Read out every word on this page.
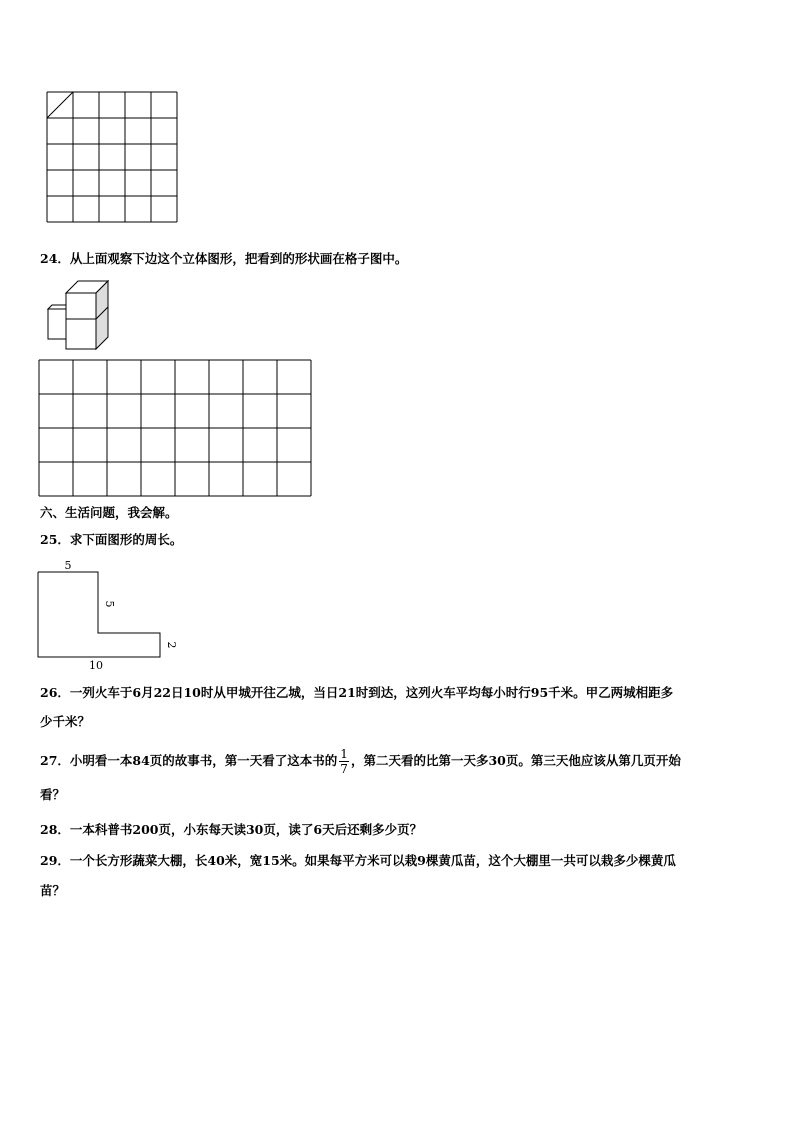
24．从上面观察下边这个立体图形，把看到的形状画在格子图中。
六、生活问题，我会解。
25．求下面图形的周长。
5
5
2
10
26．一列火车于6月22日10时从甲城开往乙城，当日21时到达，这列火车平均每小时行95千米。甲乙两城相距多
少千米？
27．小明看一本84页的故事书，第一天看了这本书的 $\frac{1}{7}$ ，第二天看的比第一天多30页。第三天他应该从第几页开始
看？
28．一本科普书200页，小东每天读30页，读了6天后还剩多少页？
29．一个长方形蔬菜大棚，长40米，宽15米。如果每平方米可以栽9棵黄瓜苗，这个大棚里一共可以栽多少棵黄瓜
苗？
